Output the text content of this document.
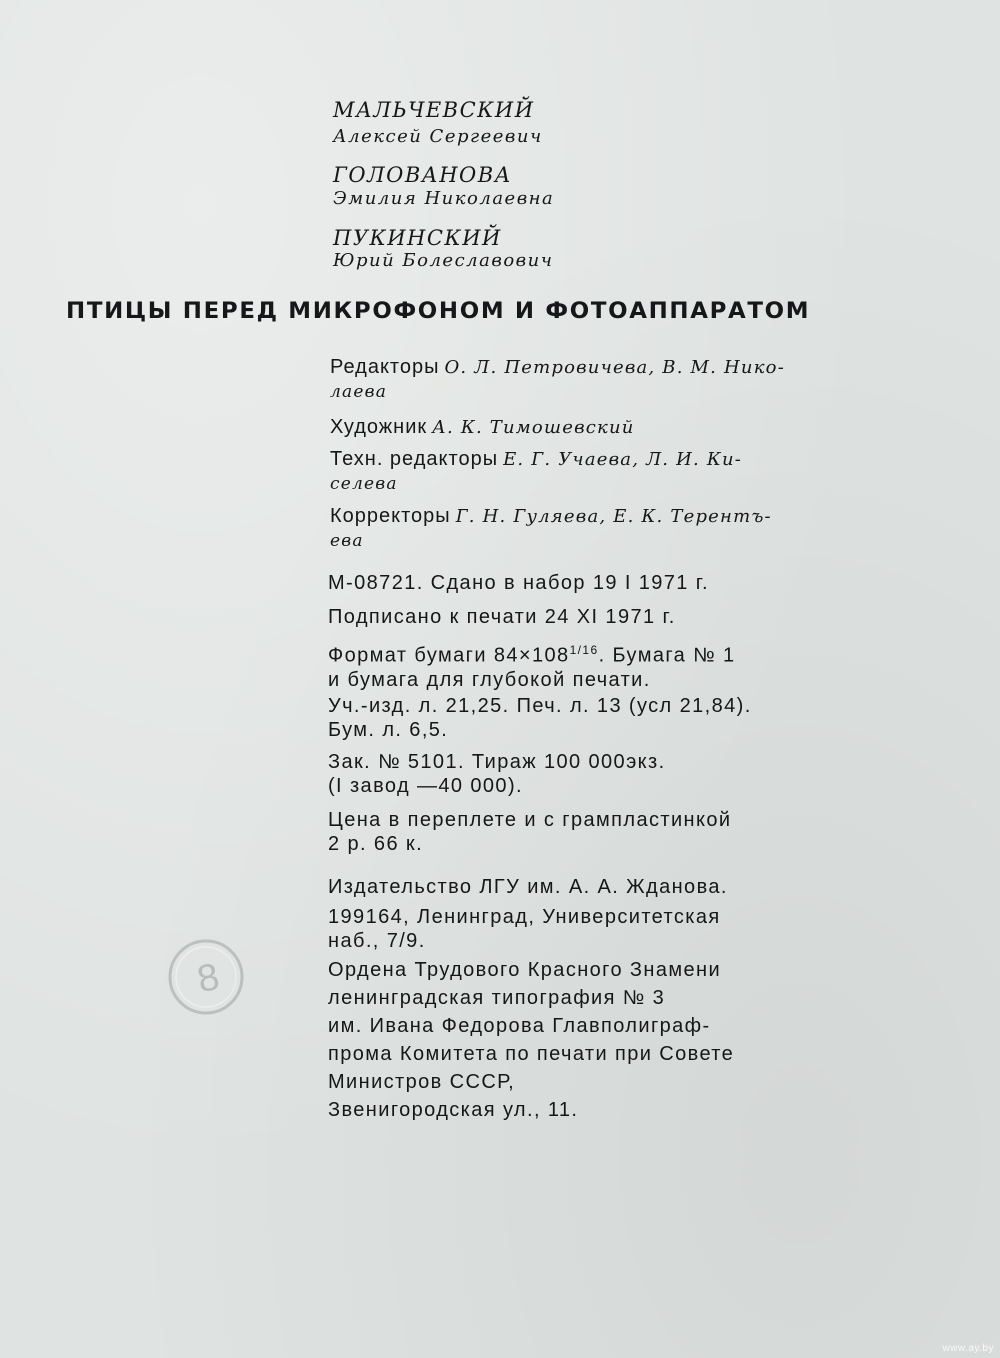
МАЛЬЧЕВСКИЙ
Алексей Сергеевич
ГОЛОВАНОВА
Эмилия Николаевна
ПУКИНСКИЙ
Юрий Болеславович
ПТИЦЫ ПЕРЕД МИКРОФОНОМ И ФОТОАППАРАТОМ
Редакторы О. Л. Петровичева, В. М. Нико-
лаева
Художник А. К. Тимошевский
Техн. редакторы Е. Г. Учаева, Л. И. Ки-
селева
Корректоры Г. Н. Гуляева, Е. К. Терентъ-
ева
М-08721. Сдано в набор 19 I 1971 г.
Подписано к печати 24 XI 1971 г.
Формат бумаги $84\times 108^{1/16}$. Бумага № 1
и бумага для глубокой печати.
Уч.-изд. л. 21,25. Печ. л. 13 (усл 21,84).
Бум. л. 6,5.
Зак. № 5101. Тираж 100 000экз.
(I завод —40 000).
Цена в переплете и с грампластинкой
2 р. 66 к.
Издательство ЛГУ им. А. А. Жданова.
199164, Ленинград, Университетская
наб., 7/9.
Ордена Трудового Красного Знамени
ленинградская типография № 3
им. Ивана Федорова Главполиграф-
прома Комитета по печати при Совете
Министров СССР,
Звенигородская ул., 11.
8
www.ay.by
